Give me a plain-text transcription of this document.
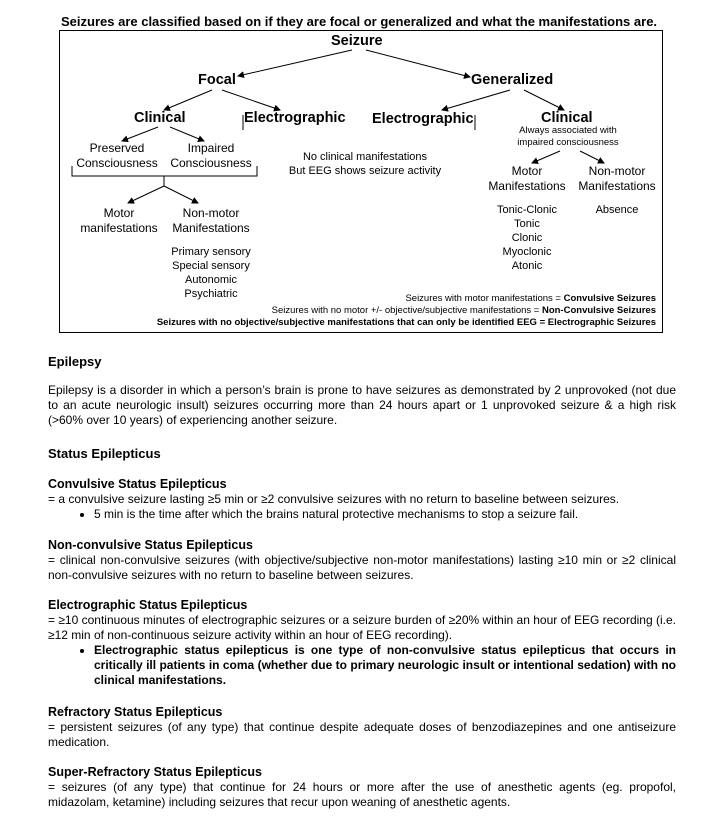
Seizures are classified based on if they are focal or generalized and what the manifestations are.
Seizure
Focal	Generalized
Clinical	Electrographic Electrographic	Clinical
Always associated with
impaired consciousness
Preserved
Consciousness
Impaired
Consciousness	No clinical manifestations
But EEG shows seizure activity
Motor
manifestations
Non-motor
Manifestations
Primary sensory
Special sensory
Autonomic
Psychiatric
Motor
Manifestations
Non-motor
Manifestations
Tonic-Clonic
Tonic
Clonic
Myoclonic
Atonic
Absence
Seizures with motor manifestations = Convulsive Seizures
Seizures with no motor +/- objective/subjective manifestations = Non-Convulsive Seizures
Seizures with no objective/subjective manifestations that can only be identified EEG = Electrographic Seizures
Epilepsy

Epilepsy is a disorder in which a person’s brain is prone to have seizures as demonstrated by 2 unprovoked (not due to an acute neurologic insult) seizures occurring more than 24 hours apart or 1 unprovoked seizure & a high risk (>60% over 10 years) of experiencing another seizure.

Status Epilepticus
Convulsive Status Epilepticus

= a convulsive seizure lasting ≥5 min or ≥2 convulsive seizures with no return to baseline between seizures.

• 5 min is the time after which the brains natural protective mechanisms to stop a seizure fail.
Non-convulsive Status Epilepticus

= clinical non-convulsive seizures (with objective/subjective non-motor manifestations) lasting ≥10 min or ≥2 clinical non-convulsive seizures with no return to baseline between seizures.

Electrographic Status Epilepticus

= ≥10 continuous minutes of electrographic seizures or a seizure burden of ≥20% within an hour of EEG recording (i.e. ≥12 min of non-continuous seizure activity within an hour of EEG recording).

• Electrographic status epilepticus is one type of non-convulsive status epilepticus that occurs in critically ill patients in coma (whether due to primary neurologic insult or intentional sedation) with no clinical manifestations.
Refractory Status Epilepticus

= persistent seizures (of any type) that continue despite adequate doses of benzodiazepines and one antiseizure medication.

Super-Refractory Status Epilepticus

= seizures (of any type) that continue for 24 hours or more after the use of anesthetic agents (eg. propofol, midazolam, ketamine) including seizures that recur upon weaning of anesthetic agents.
